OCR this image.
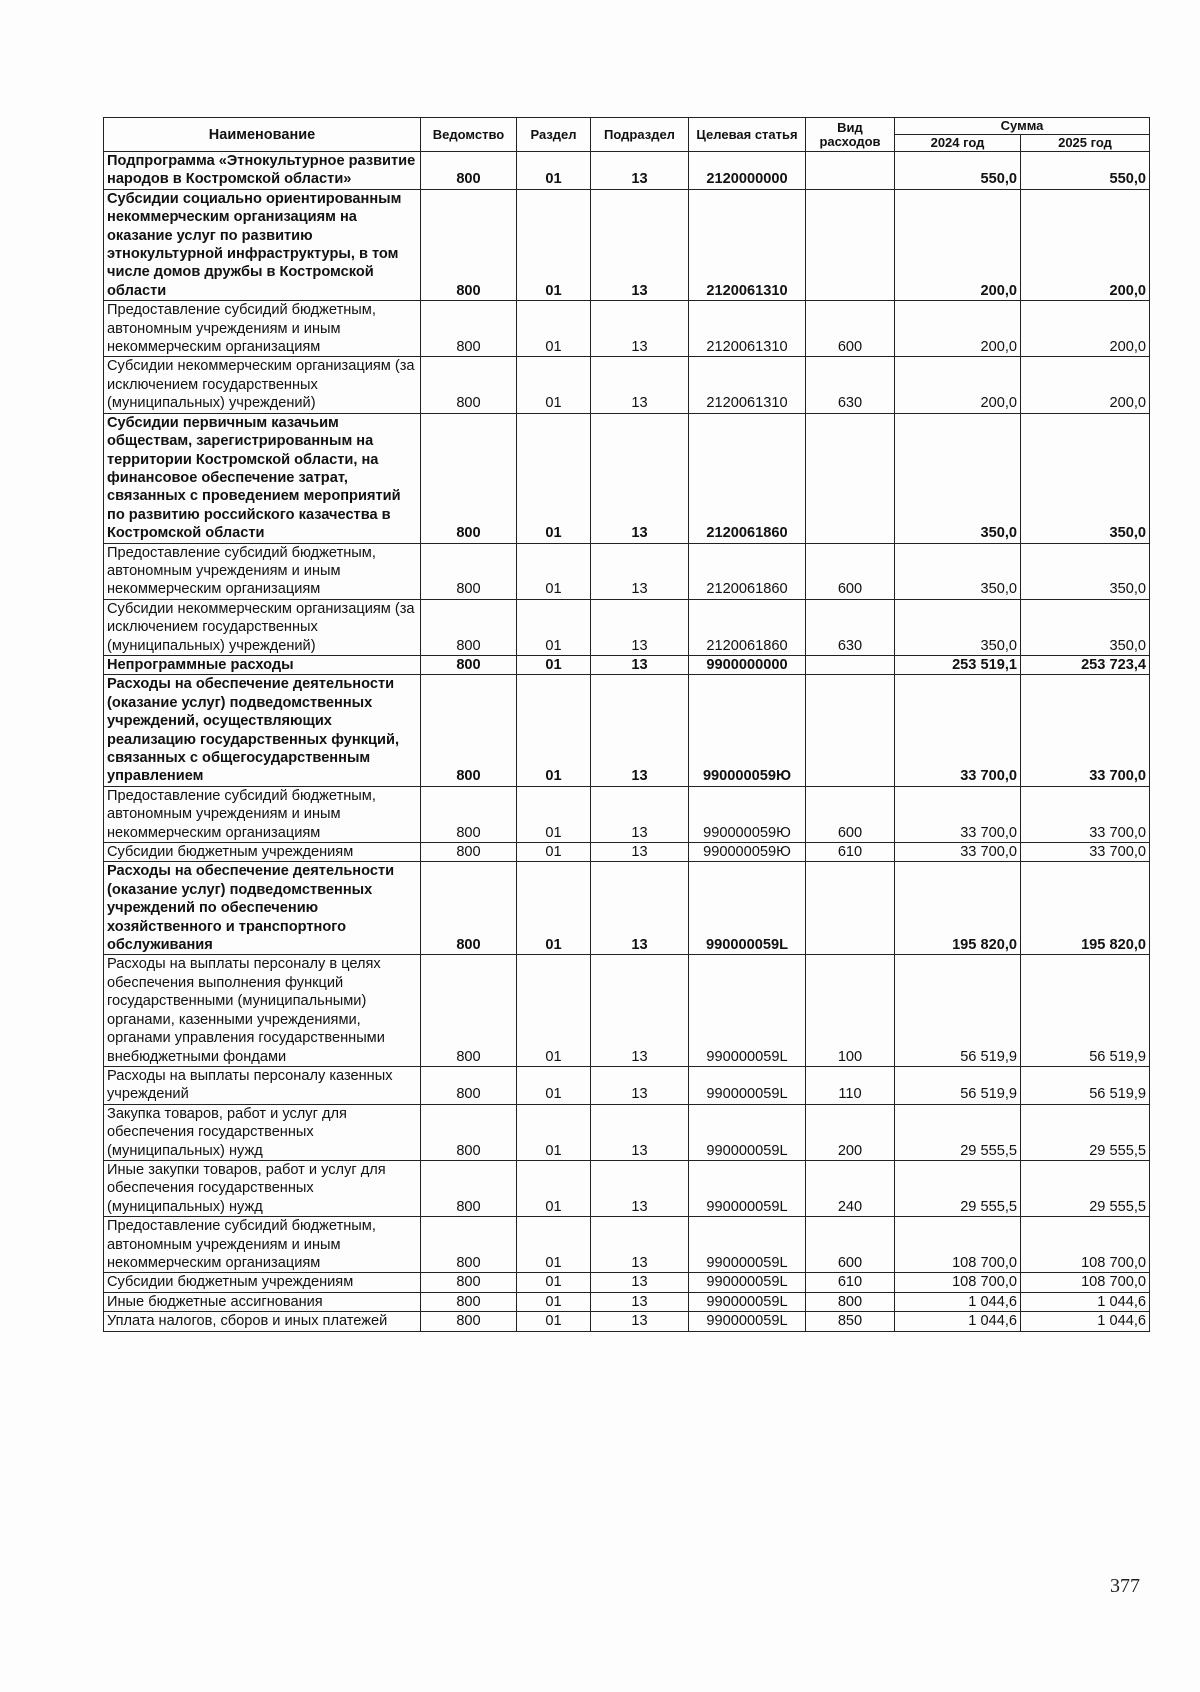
Наименование	Ведомство	Раздел	Подраздел	Целевая статья	Вид расходов	Сумма	
						2024 год	2025 год
Подпрограмма «Этнокультурное развитие народов в Костромской области»	800	01	13	2120000000		550,0	550,0
Субсидии социально ориентированным некоммерческим организациям на оказание услуг по развитию этнокультурной инфраструктуры, в том числе домов дружбы в Костромской области	800	01	13	2120061310		200,0	200,0
Предоставление субсидий бюджетным, автономным учреждениям и иным некоммерческим организациям	800	01	13	2120061310	600	200,0	200,0
Субсидии некоммерческим организациям (за исключением государственных (муниципальных) учреждений)	800	01	13	2120061310	630	200,0	200,0
Субсидии первичным казачьим обществам, зарегистрированным на территории Костромской области, на финансовое обеспечение затрат, связанных с проведением мероприятий по развитию российского казачества в Костромской области	800	01	13	2120061860		350,0	350,0
Предоставление субсидий бюджетным, автономным учреждениям и иным некоммерческим организациям	800	01	13	2120061860	600	350,0	350,0
Субсидии некоммерческим организациям (за исключением государственных (муниципальных) учреждений)	800	01	13	2120061860	630	350,0	350,0
Непрограммные расходы	800	01	13	9900000000		253 519,1	253 723,4
Расходы на обеспечение деятельности (оказание услуг) подведомственных учреждений, осуществляющих реализацию государственных функций, связанных с общегосударственным управлением	800	01	13	990000059Ю		33 700,0	33 700,0
Предоставление субсидий бюджетным, автономным учреждениям и иным некоммерческим организациям	800	01	13	990000059Ю	600	33 700,0	33 700,0
Субсидии бюджетным учреждениям	800	01	13	990000059Ю	610	33 700,0	33 700,0
Расходы на обеспечение деятельности (оказание услуг) подведомственных учреждений по обеспечению хозяйственного и транспортного обслуживания	800	01	13	990000059L		195 820,0	195 820,0
Расходы на выплаты персоналу в целях обеспечения выполнения функций государственными (муниципальными) органами, казенными учреждениями, органами управления государственными внебюджетными фондами	800	01	13	990000059L	100	56 519,9	56 519,9
Расходы на выплаты персоналу казенных учреждений	800	01	13	990000059L	110	56 519,9	56 519,9
Закупка товаров, работ и услуг для обеспечения государственных (муниципальных) нужд	800	01	13	990000059L	200	29 555,5	29 555,5
Иные закупки товаров, работ и услуг для обеспечения государственных (муниципальных) нужд	800	01	13	990000059L	240	29 555,5	29 555,5
Предоставление субсидий бюджетным, автономным учреждениям и иным некоммерческим организациям	800	01	13	990000059L	600	108 700,0	108 700,0
Субсидии бюджетным учреждениям	800	01	13	990000059L	610	108 700,0	108 700,0
Иные бюджетные ассигнования	800	01	13	990000059L	800	1 044,6	1 044,6
Уплата налогов, сборов и иных платежей	800	01	13	990000059L	850	1 044,6	1 044,6
377
